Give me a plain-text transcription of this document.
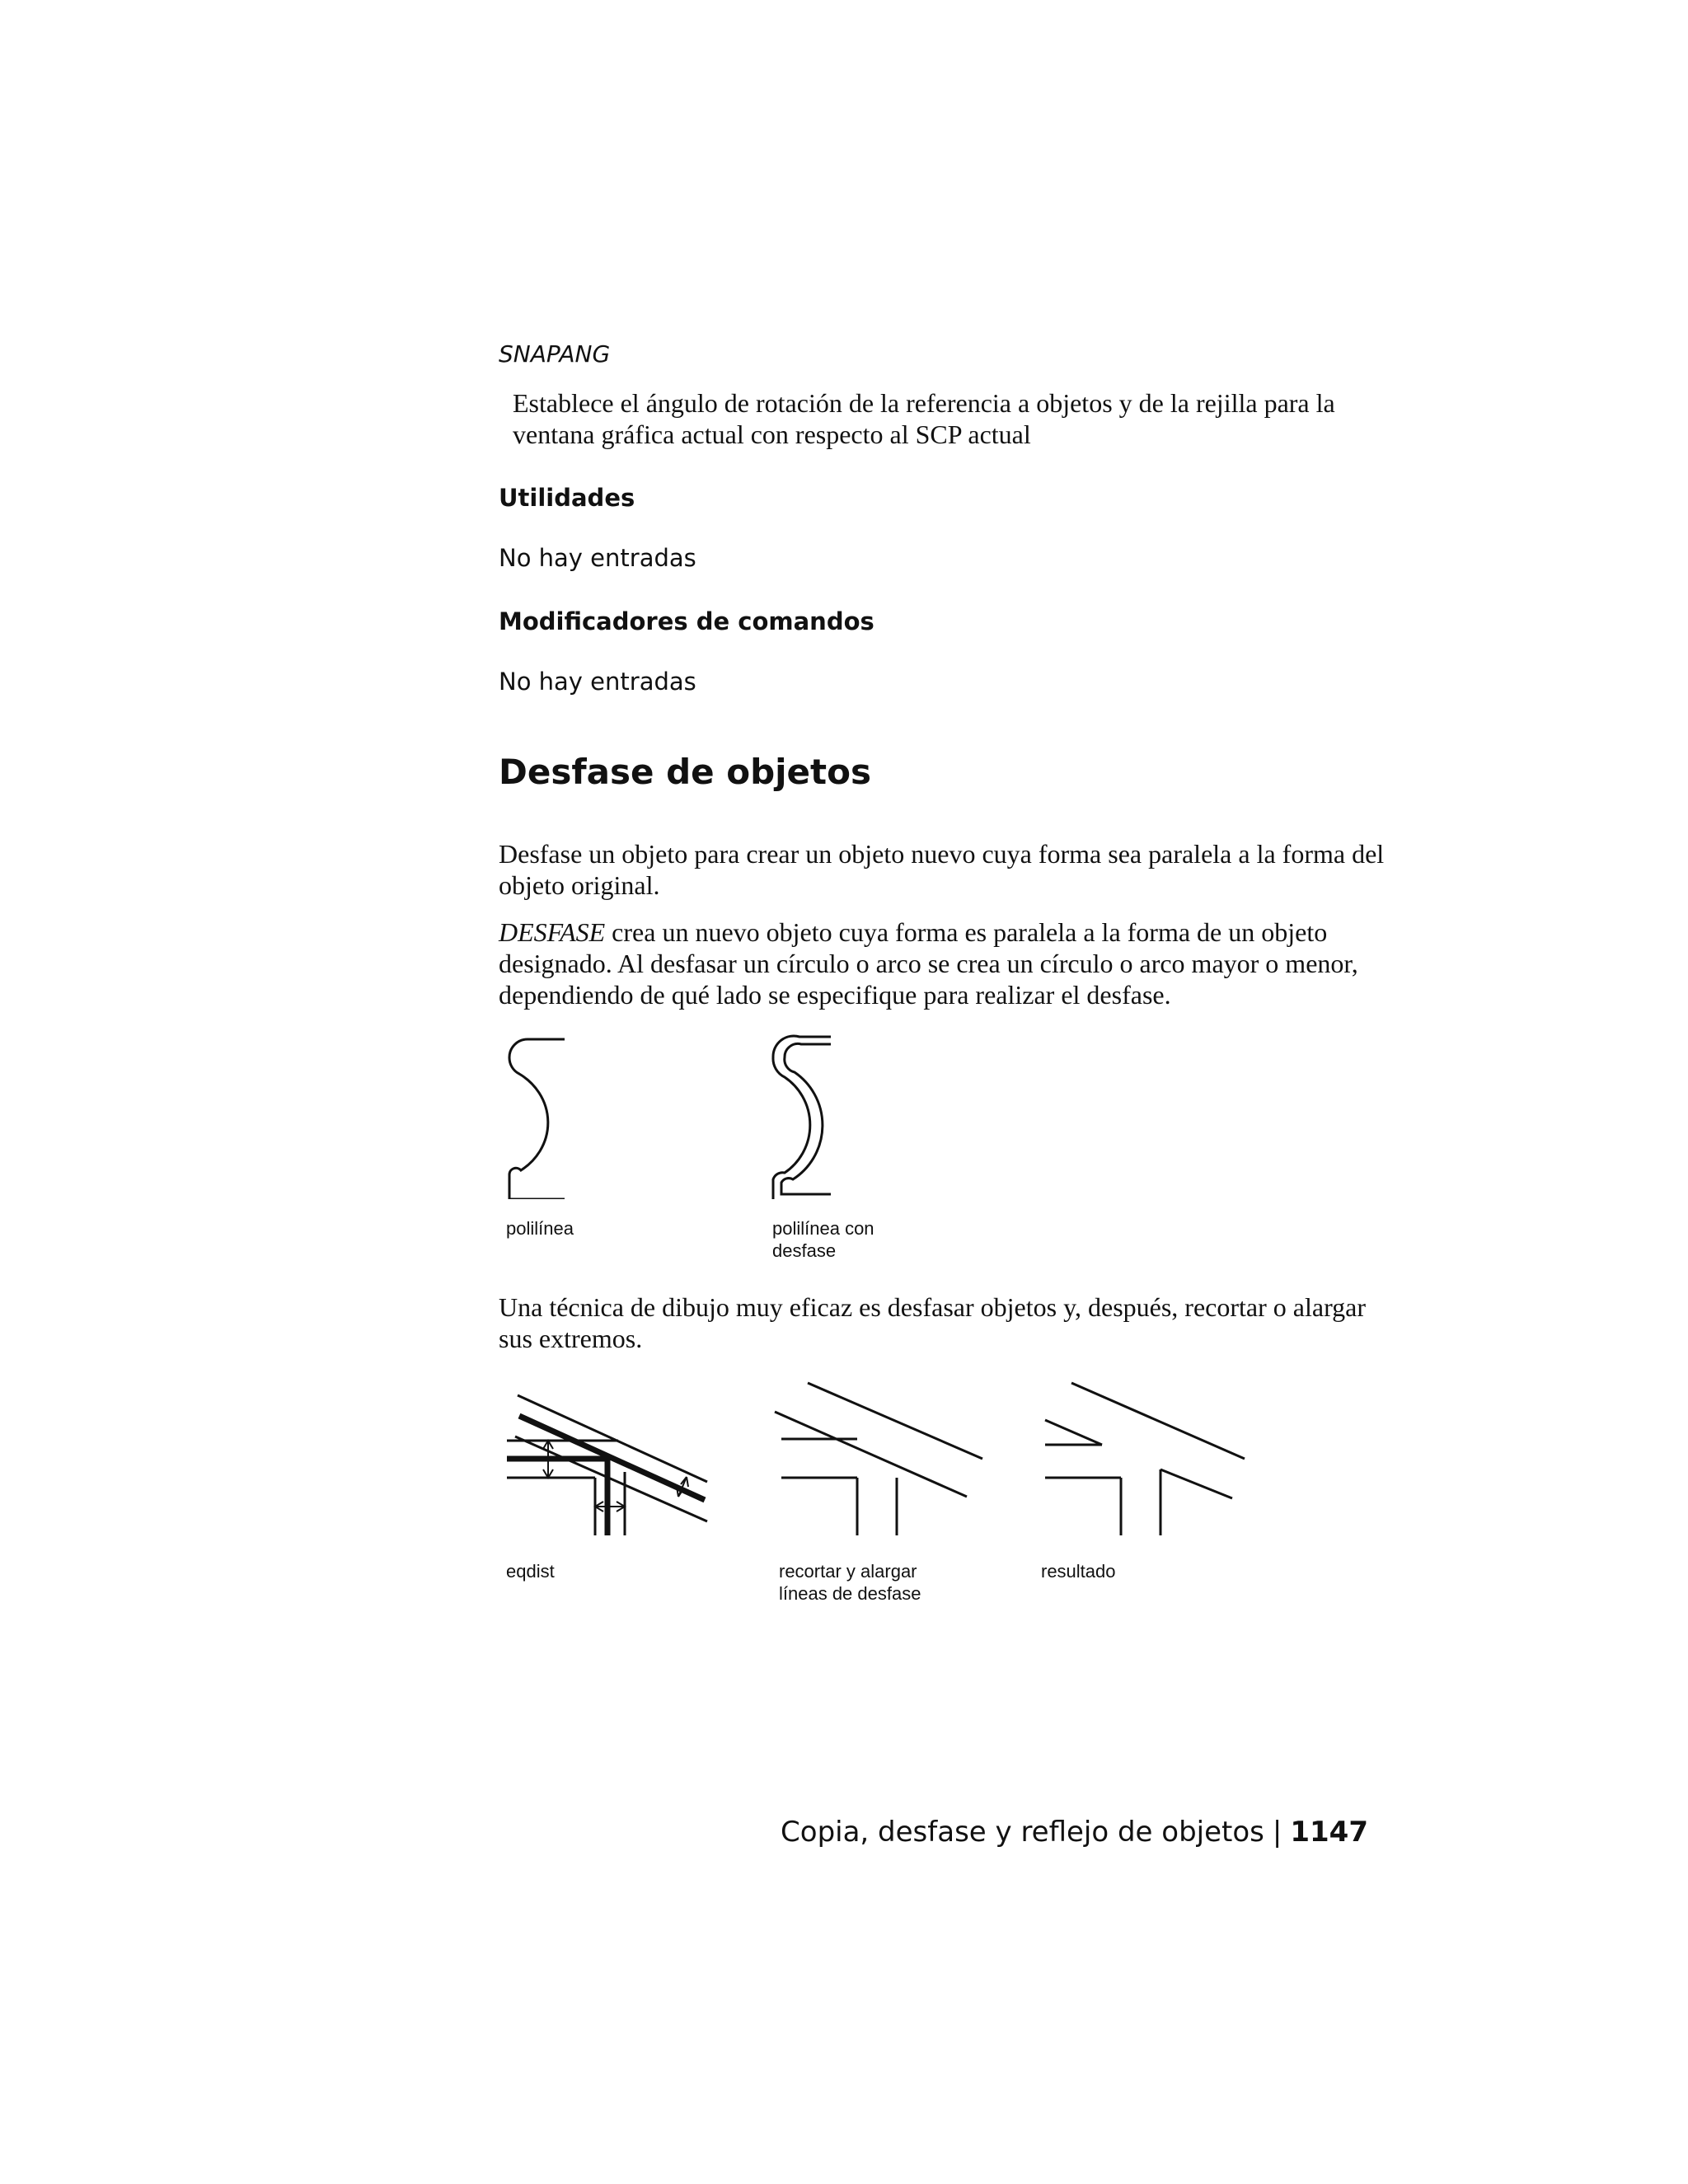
SNAPANG
Establece el ángulo de rotación de la referencia a objetos y de la rejilla para la ventana gráfica actual con respecto al SCP actual
Utilidades
No hay entradas
Modificadores de comandos
No hay entradas
Desfase de objetos
Desfase un objeto para crear un objeto nuevo cuya forma sea paralela a la forma del objeto original.
DESFASE crea un nuevo objeto cuya forma es paralela a la forma de un objeto designado. Al desfasar un círculo o arco se crea un círculo o arco mayor o menor, dependiendo de qué lado se especifique para realizar el desfase.
polilínea	polilínea con
desfase
Una técnica de dibujo muy eficaz es desfasar objetos y, después, recortar o alargar sus extremos.
eqdist	recortar y alargar
líneas de desfase
resultado
Copia, desfase y reflejo de objetos | 1147
